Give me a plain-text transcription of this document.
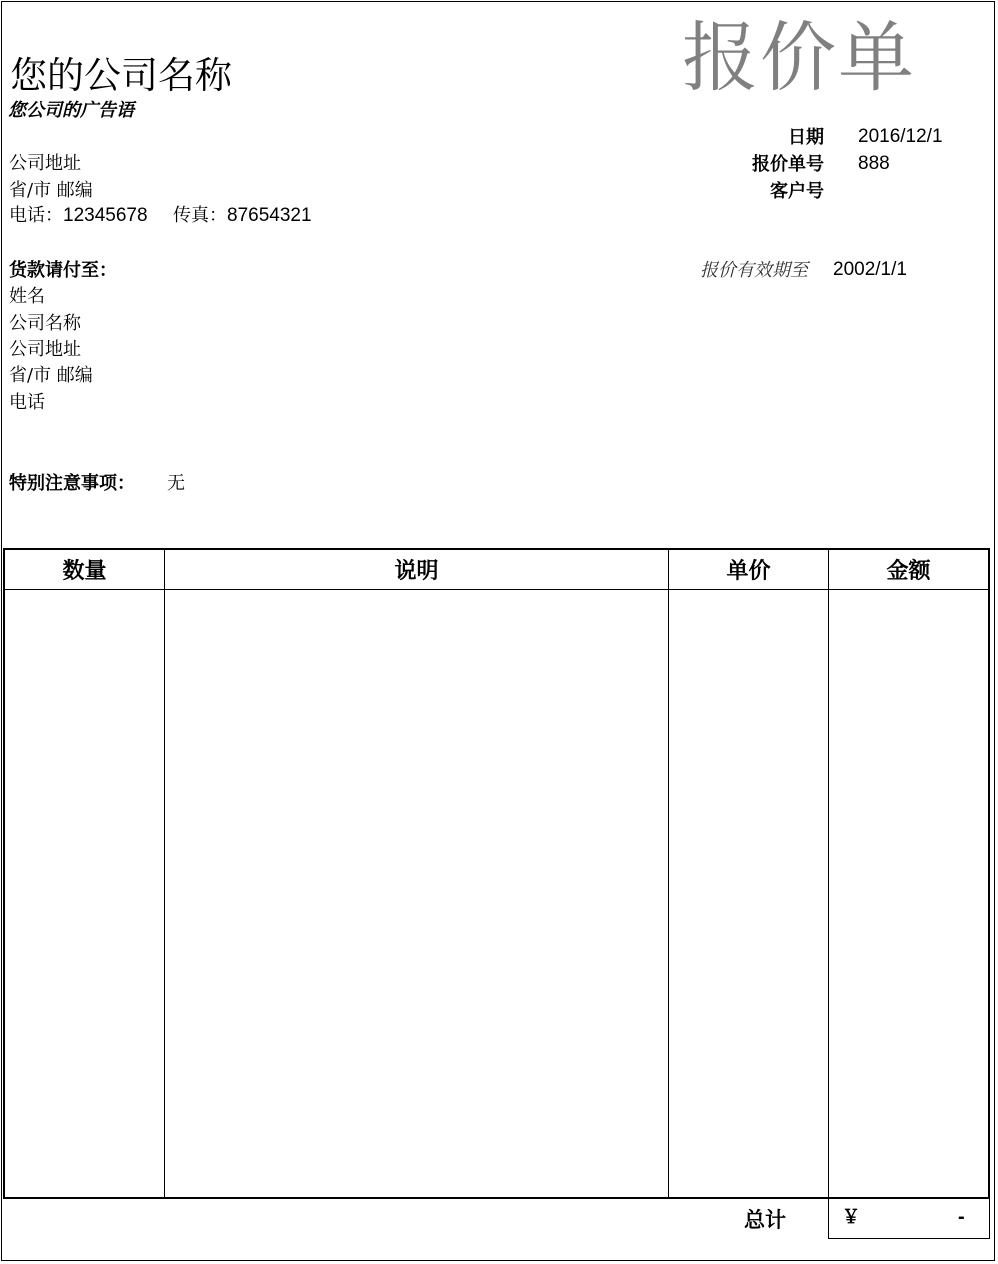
您的公司名称
您公司的广告语
报价单
公司地址
省/市 邮编
电话：12345678 传真：87654321
日期 2016/12/1
报价单号 888
客户号
货款请付至：
姓名
公司名称
公司地址
省/市 邮编
电话
报价有效期至 2002/1/1
特别注意事项： 无
数量	说明	单价	金额
总计	￥	-
